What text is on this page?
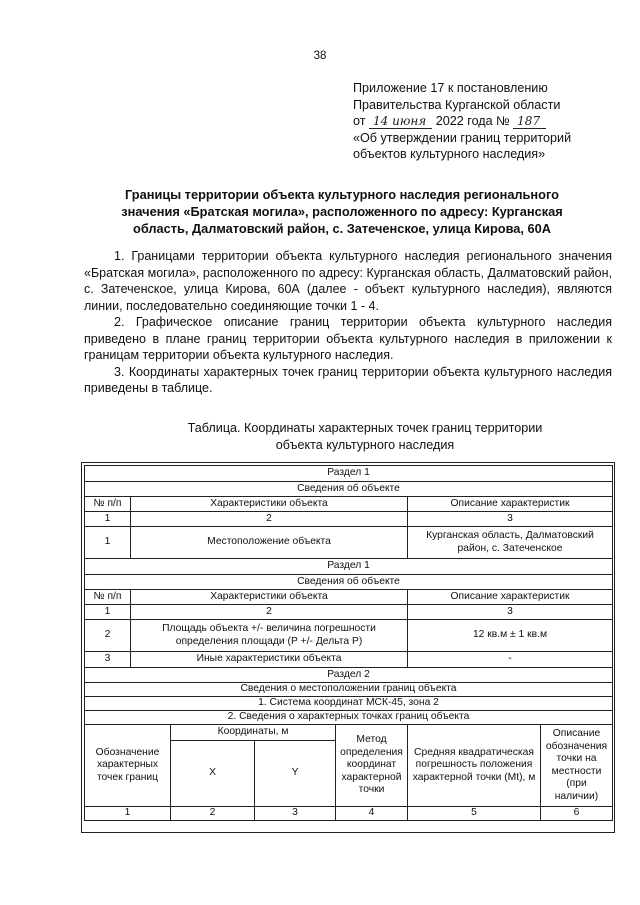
38
Приложение 17 к постановлению
Правительства Курганской области
от 14 июня 2022 года № 187
«Об утверждении границ территорий
объектов культурного наследия»
Границы территории объекта культурного наследия регионального значения «Братская могила», расположенного по адресу: Курганская область, Далматовский район, с. Затеченское, улица Кирова, 60А

1. Границами территории объекта культурного наследия регионального значения «Братская могила», расположенного по адресу: Курганская область, Далматовский район, с. Затеченское, улица Кирова, 60А (далее - объект культурного наследия), являются линии, последовательно соединяющие точки 1 - 4.

2. Графическое описание границ территории объекта культурного наследия приведено в плане границ территории объекта культурного наследия в приложении к границам территории объекта культурного наследия.

3. Координаты характерных точек границ территории объекта культурного наследия приведены в таблице.

Таблица. Координаты характерных точек границ территории
объекта культурного наследия
Раздел 1						
Сведения об объекте						
№ п/п	Характеристики объекта				Описание характеристик	
1	2				3	
1	Местоположение объекта				Курганская область, Далматовский район, с. Затеченское	
Раздел 1						
Сведения об объекте						
№ п/п	Характеристики объекта				Описание характеристик	
1	2				3	
2	Площадь объекта +/- величина погрешности определения площади (Р +/- Дельта Р)				12 кв.м ± 1 кв.м	
3	Иные характеристики объекта				-	
Раздел 2						
Сведения о местоположении границ объекта						
1. Система координат МСК-45, зона 2						
2. Сведения о характерных точках границ объекта						
Обозначение характерных точек границ		Координаты, м		Метод определения координат характерной точки	Средняя квадратическая погрешность положения характерной точки (Mt), м	Описание обозначения точки на местности (при наличии)
		X	Y			
1		2	3	4	5	6
